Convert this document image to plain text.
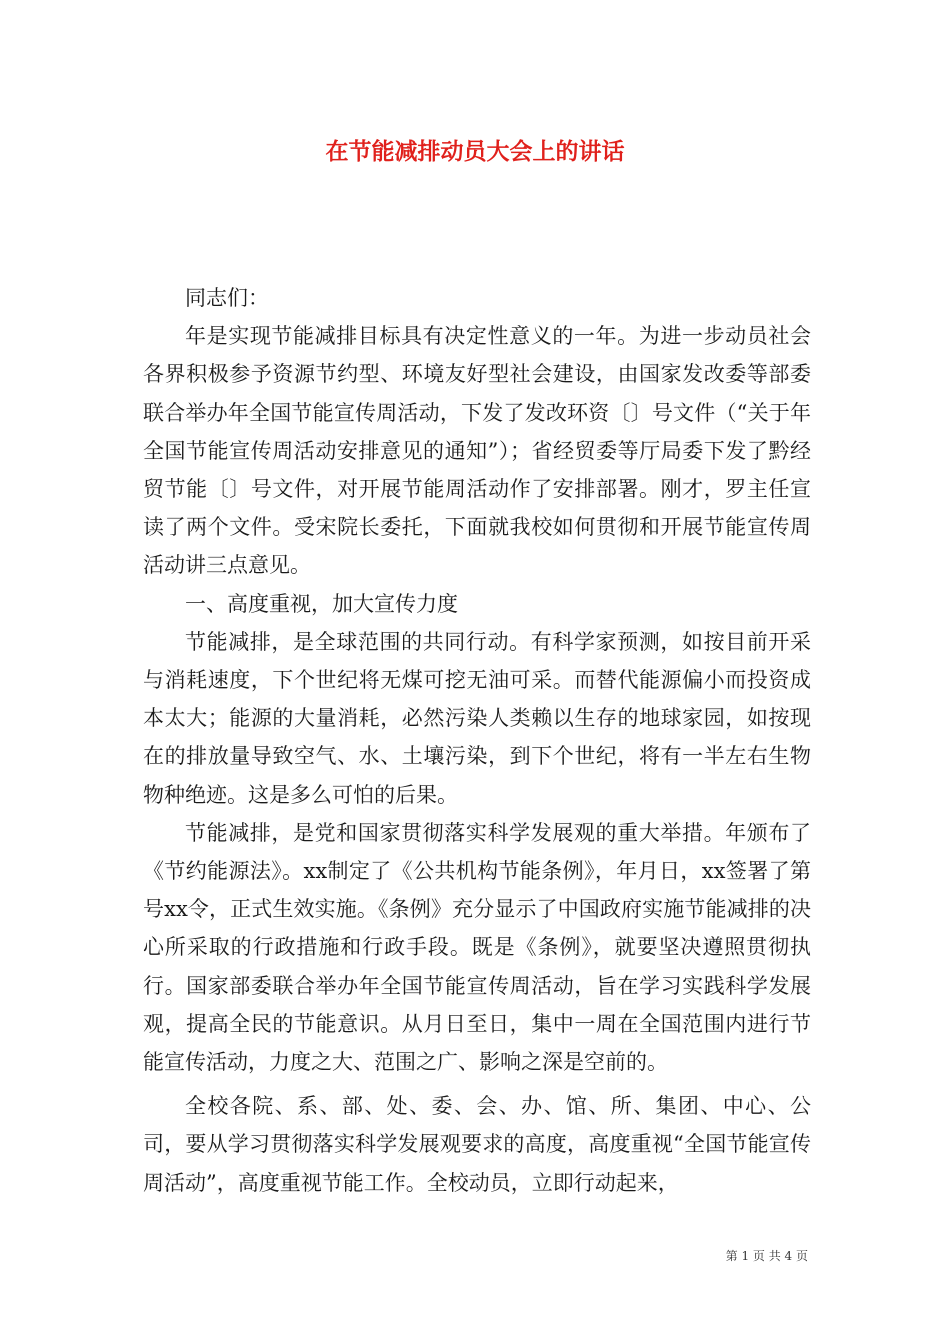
在节能减排动员大会上的讲话

同志们：

年是实现节能减排目标具有决定性意义的一年。为进一步动员社会各界积极参予资源节约型、环境友好型社会建设，由国家发改委等部委联合举办年全国节能宣传周活动，下发了发改环资〔〕号文件（“关于年全国节能宣传周活动安排意见的通知”）；省经贸委等厅局委下发了黔经贸节能〔〕号文件，对开展节能周活动作了安排部署。刚才，罗主任宣读了两个文件。受宋院长委托，下面就我校如何贯彻和开展节能宣传周活动讲三点意见。

一、高度重视，加大宣传力度

节能减排，是全球范围的共同行动。有科学家预测，如按目前开采与消耗速度，下个世纪将无煤可挖无油可采。而替代能源偏小而投资成本太大；能源的大量消耗，必然污染人类赖以生存的地球家园，如按现在的排放量导致空气、水、土壤污染，到下个世纪，将有一半左右生物物种绝迹。这是多么可怕的后果。

节能减排，是党和国家贯彻落实科学发展观的重大举措。年颁布了《节约能源法》。xx制定了《公共机构节能条例》，年月日，xx签署了第号xx令，正式生效实施。《条例》充分显示了中国政府实施节能减排的决心所采取的行政措施和行政手段。既是《条例》，就要坚决遵照贯彻执行。国家部委联合举办年全国节能宣传周活动，旨在学习实践科学发展观，提高全民的节能意识。从月日至日，集中一周在全国范围内进行节能宣传活动，力度之大、范围之广、影响之深是空前的。

全校各院、系、部、处、委、会、办、馆、所、集团、中心、公司，要从学习贯彻落实科学发展观要求的高度，高度重视“全国节能宣传周活动”，高度重视节能工作。全校动员，立即行动起来，

第 1 页 共 4 页
